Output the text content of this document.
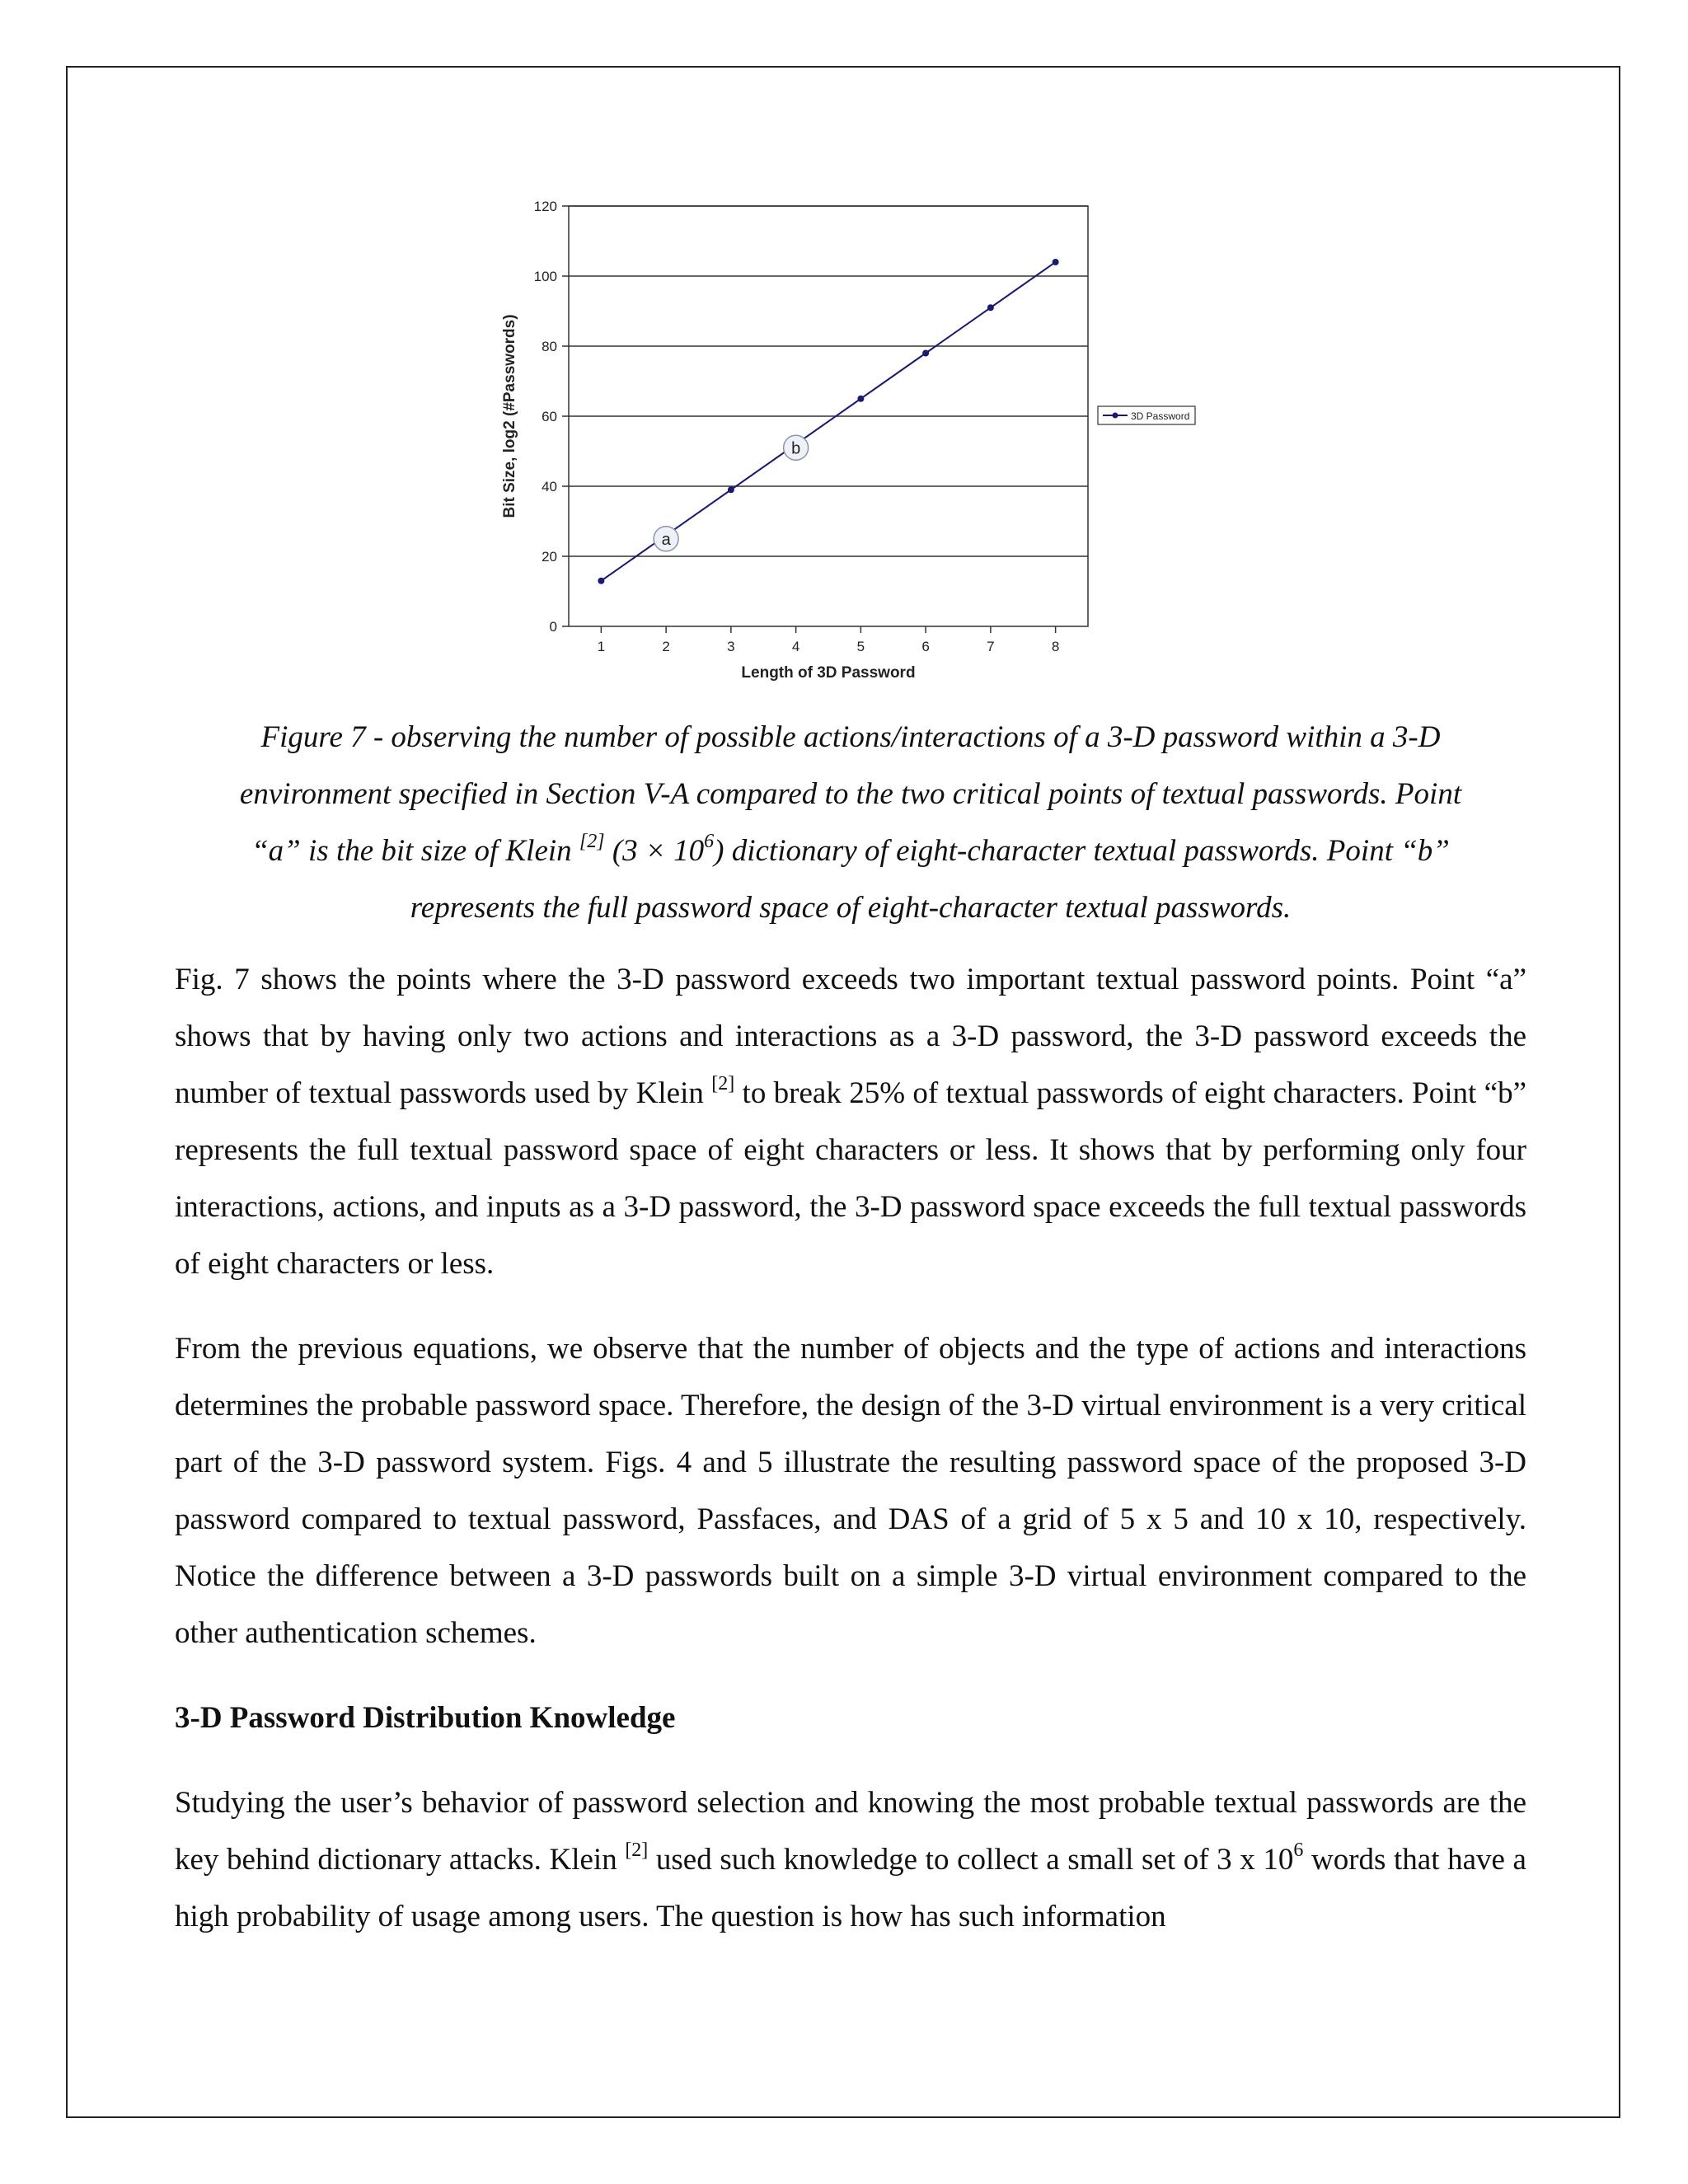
0
20
40
60
80
100
120
1	2	3	4	5	6	7	8
Length of 3D Password
Bit Size, log2 (#Passwords)
a
b
3D Password
Figure 7 - observing the number of possible actions/interactions of a 3-D password within a 3-D
environment specified in Section V-A compared to the two critical points of textual passwords. Point
“a” is the bit size of Klein [2] $(3 \times 10^6)$ dictionary of eight-character textual passwords. Point “b”
represents the full password space of eight-character textual passwords.

Fig. 7 shows the points where the 3-D password exceeds two important textual password points. Point “a” shows that by having only two actions and interactions as a 3-D password, the 3-D password exceeds the number of textual passwords used by Klein [2] to break 25% of textual passwords of eight characters. Point “b” represents the full textual password space of eight characters or less. It shows that by performing only four interactions, actions, and inputs as a 3-D password, the 3-D password space exceeds the full textual passwords of eight characters or less.

From the previous equations, we observe that the number of objects and the type of actions and interactions determines the probable password space. Therefore, the design of the 3-D virtual environment is a very critical part of the 3-D password system. Figs. 4 and 5 illustrate the resulting password space of the proposed 3-D password compared to textual password, Passfaces, and DAS of a grid of 5 x 5 and 10 x 10, respectively. Notice the difference between a 3-D passwords built on a simple 3-D virtual environment compared to the other authentication schemes.

3-D Password Distribution Knowledge

Studying the user’s behavior of password selection and knowing the most probable textual passwords are the key behind dictionary attacks. Klein [2] used such knowledge to collect a small set of 3 x $10^6$ words that have a high probability of usage among users. The question is how has such information
